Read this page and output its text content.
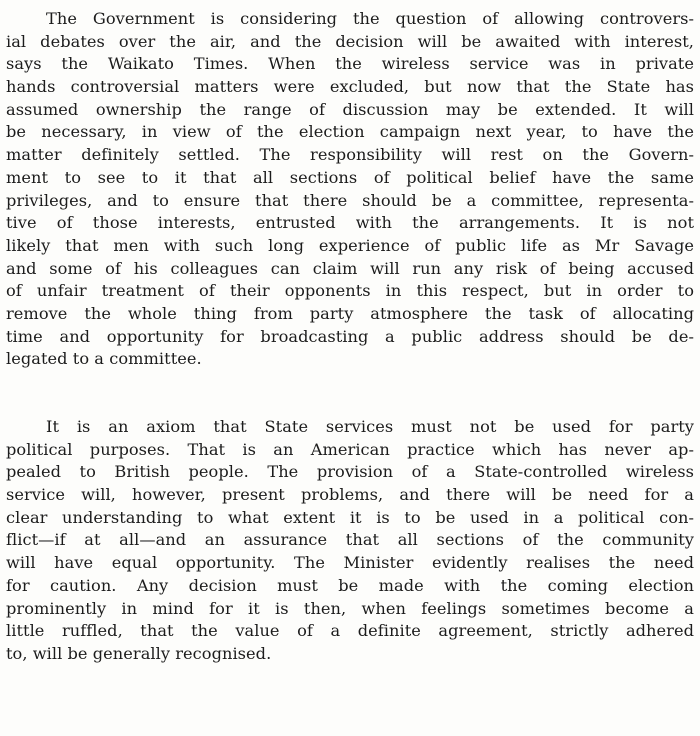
The Government is considering the question of allowing controvers-
ial debates over the air, and the decision will be awaited with interest,
says the Waikato Times. When the wireless service was in private
hands controversial matters were excluded, but now that the State has
assumed ownership the range of discussion may be extended. It will
be necessary, in view of the election campaign next year, to have the
matter definitely settled. The responsibility will rest on the Govern-
ment to see to it that all sections of political belief have the same
privileges, and to ensure that there should be a committee, representa-
tive of those interests, entrusted with the arrangements. It is not
likely that men with such long experience of public life as Mr Savage
and some of his colleagues can claim will run any risk of being accused
of unfair treatment of their opponents in this respect, but in order to
remove the whole thing from party atmosphere the task of allocating
time and opportunity for broadcasting a public address should be de-
legated to a committee.
It is an axiom that State services must not be used for party
political purposes. That is an American practice which has never ap-
pealed to British people. The provision of a State-controlled wireless
service will, however, present problems, and there will be need for a
clear understanding to what extent it is to be used in a political con-
flict—if at all—and an assurance that all sections of the community
will have equal opportunity. The Minister evidently realises the need
for caution. Any decision must be made with the coming election
prominently in mind for it is then, when feelings sometimes become a
little ruffled, that the value of a definite agreement, strictly adhered
to, will be generally recognised.
